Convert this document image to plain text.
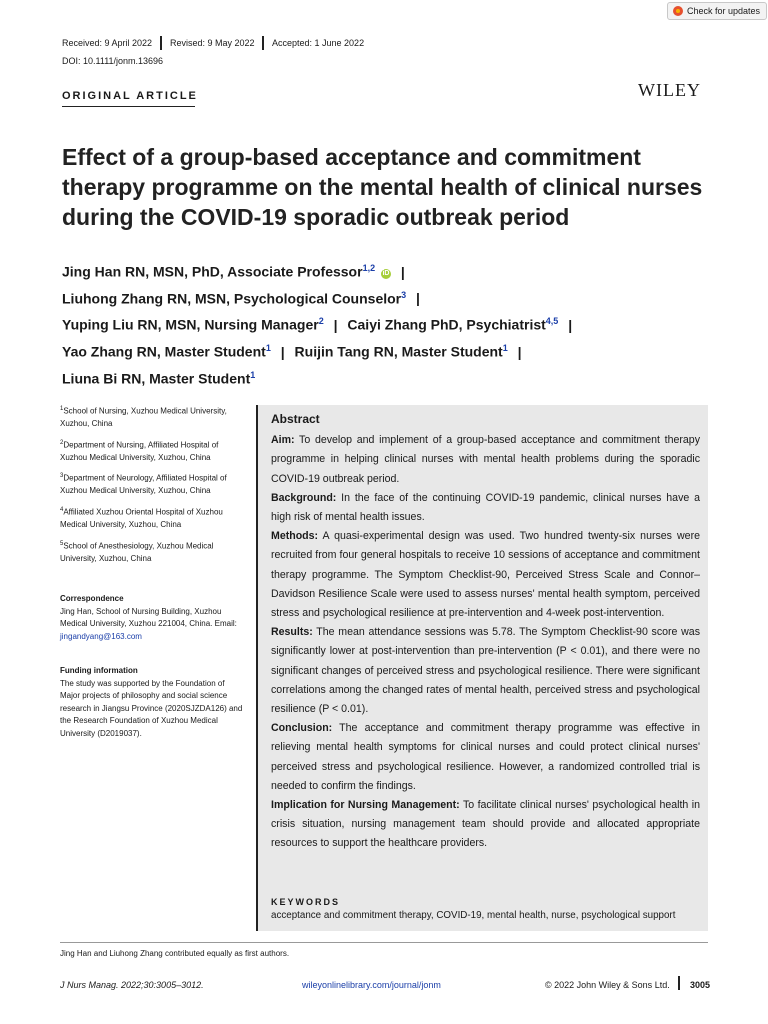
Check for updates
Received: 9 April 2022 Revised: 9 May 2022 Accepted: 1 June 2022
DOI: 10.1111/jonm.13696
ORIGINAL ARTICLE	WILEY
Effect of a group-based acceptance and commitment therapy programme on the mental health of clinical nurses during the COVID-19 sporadic outbreak period
Jing Han RN, MSN, PhD, Associate Professor$^{1,2}$ iD |
Liuhong Zhang RN, MSN, Psychological Counselor$^3$ |
Yuping Liu RN, MSN, Nursing Manager$^2$ | Caiyi Zhang PhD, Psychiatrist$^{4,5}$ |
Yao Zhang RN, Master Student$^1$ | Ruijin Tang RN, Master Student$^1$ |
Liuna Bi RN, Master Student$^1$
$^1$School of Nursing, Xuzhou Medical University, Xuzhou, China
$^2$Department of Nursing, Affiliated Hospital of Xuzhou Medical University, Xuzhou, China
$^3$Department of Neurology, Affiliated Hospital of Xuzhou Medical University, Xuzhou, China
$^4$Affiliated Xuzhou Oriental Hospital of Xuzhou Medical University, Xuzhou, China
$^5$School of Anesthesiology, Xuzhou Medical University, Xuzhou, China
Correspondence
Jing Han, School of Nursing Building, Xuzhou Medical University, Xuzhou 221004, China. Email: jingandyang@163.com
Funding information
The study was supported by the Foundation of Major projects of philosophy and social science research in Jiangsu Province (2020SJZDA126) and the Research Foundation of Xuzhou Medical University (D2019037).
Abstract
Aim: To develop and implement of a group-based acceptance and commitment therapy programme in helping clinical nurses with mental health problems during the sporadic COVID-19 outbreak period.
Background: In the face of the continuing COVID-19 pandemic, clinical nurses have a high risk of mental health issues.
Methods: A quasi-experimental design was used. Two hundred twenty-six nurses were recruited from four general hospitals to receive 10 sessions of acceptance and commitment therapy programme. The Symptom Checklist-90, Perceived Stress Scale and Connor–Davidson Resilience Scale were used to assess nurses' mental health symptom, perceived stress and psychological resilience at pre-intervention and 4-week post-intervention.
Results: The mean attendance sessions was 5.78. The Symptom Checklist-90 score was significantly lower at post-intervention than pre-intervention (P < 0.01), and there were no significant changes of perceived stress and psychological resilience. There were significant correlations among the changed rates of mental health, perceived stress and psychological resilience (P < 0.01).
Conclusion: The acceptance and commitment therapy programme was effective in relieving mental health symptoms for clinical nurses and could protect clinical nurses' perceived stress and psychological resilience. However, a randomized controlled trial is needed to confirm the findings.
Implication for Nursing Management: To facilitate clinical nurses' psychological health in crisis situation, nursing management team should provide and allocated appropriate resources to support the healthcare providers.
KEYWORDS
acceptance and commitment therapy, COVID-19, mental health, nurse, psychological support
Jing Han and Liuhong Zhang contributed equally as first authors.
J Nurs Manag. 2022;30:3005–3012.	wileyonlinelibrary.com/journal/jonm	© 2022 John Wiley & Sons Ltd. 3005
